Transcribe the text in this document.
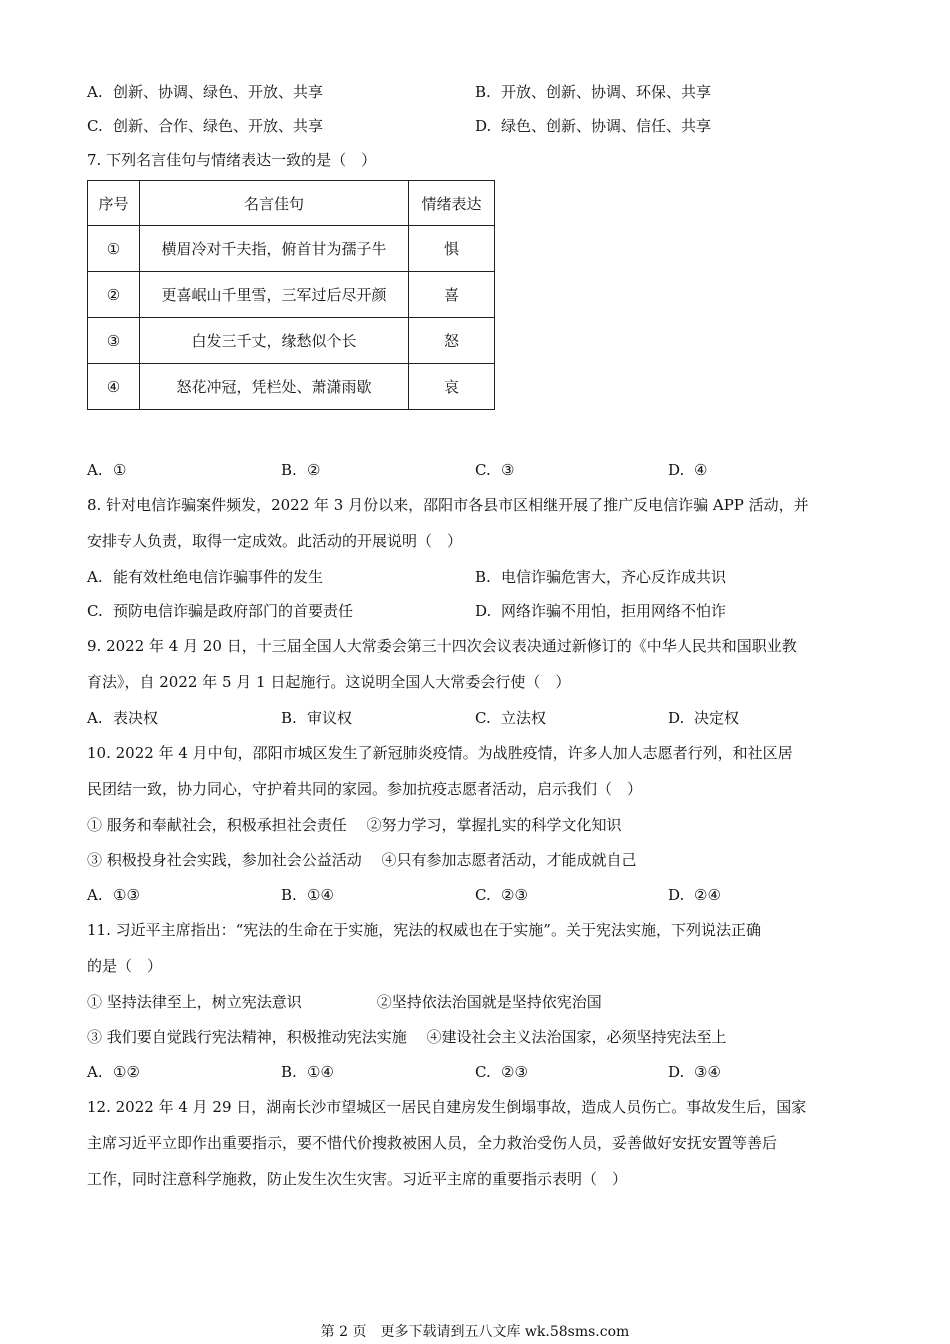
A. 创新、协调、绿色、开放、共享	B. 开放、创新、协调、环保、共享
C. 创新、合作、绿色、开放、共享	D. 绿色、创新、协调、信任、共享
7. 下列名言佳句与情绪表达一致的是（　）
序号	名言佳句	情绪表达
①	横眉冷对千夫指，俯首甘为孺子牛	惧
②	更喜岷山千里雪，三军过后尽开颜	喜
③	白发三千丈，缘愁似个长	怒
④	怒花冲冠，凭栏处、萧潇雨歇	哀
A. ①	B. ②	C. ③	D. ④
8. 针对电信诈骗案件频发，2022 年 3 月份以来，邵阳市各县市区相继开展了推广反电信诈骗 APP 活动，并
安排专人负责，取得一定成效。此活动的开展说明（　）
A. 能有效杜绝电信诈骗事件的发生	B. 电信诈骗危害大，齐心反诈成共识
C. 预防电信诈骗是政府部门的首要责任	D. 网络诈骗不用怕，拒用网络不怕诈
9. 2022 年 4 月 20 日，十三届全国人大常委会第三十四次会议表决通过新修订的《中华人民共和国职业教
育法》，自 2022 年 5 月 1 日起施行。这说明全国人大常委会行使（　）
A. 表决权	B. 审议权	C. 立法权	D. 决定权
10. 2022 年 4 月中旬，邵阳市城区发生了新冠肺炎疫情。为战胜疫情，许多人加人志愿者行列，和社区居
民团结一致，协力同心，守护着共同的家园。参加抗疫志愿者活动，启示我们（　）
① 服务和奉献社会，积极承担社会责任　 ②努力学习，掌握扎实的科学文化知识
③ 积极投身社会实践，参加社会公益活动　 ④只有参加志愿者活动，才能成就自己
A. ①③	B. ①④	C. ②③	D. ②④
11. 习近平主席指出：“宪法的生命在于实施，宪法的权威也在于实施”。关于宪法实施，下列说法正确
的是（　）
① 坚持法律至上，树立宪法意识　　　　　②坚持依法治国就是坚持依宪治国
③ 我们要自觉践行宪法精神，积极推动宪法实施　 ④建设社会主义法治国家，必须坚持宪法至上
A. ①②	B. ①④	C. ②③	D. ③④
12. 2022 年 4 月 29 日，湖南长沙市望城区一居民自建房发生倒塌事故，造成人员伤亡。事故发生后，国家
主席习近平立即作出重要指示，要不惜代价搜救被困人员，全力救治受伤人员，妥善做好安抚安置等善后
工作，同时注意科学施救，防止发生次生灾害。习近平主席的重要指示表明（　）
第 2 页　更多下载请到五八文库 wk.58sms.com
